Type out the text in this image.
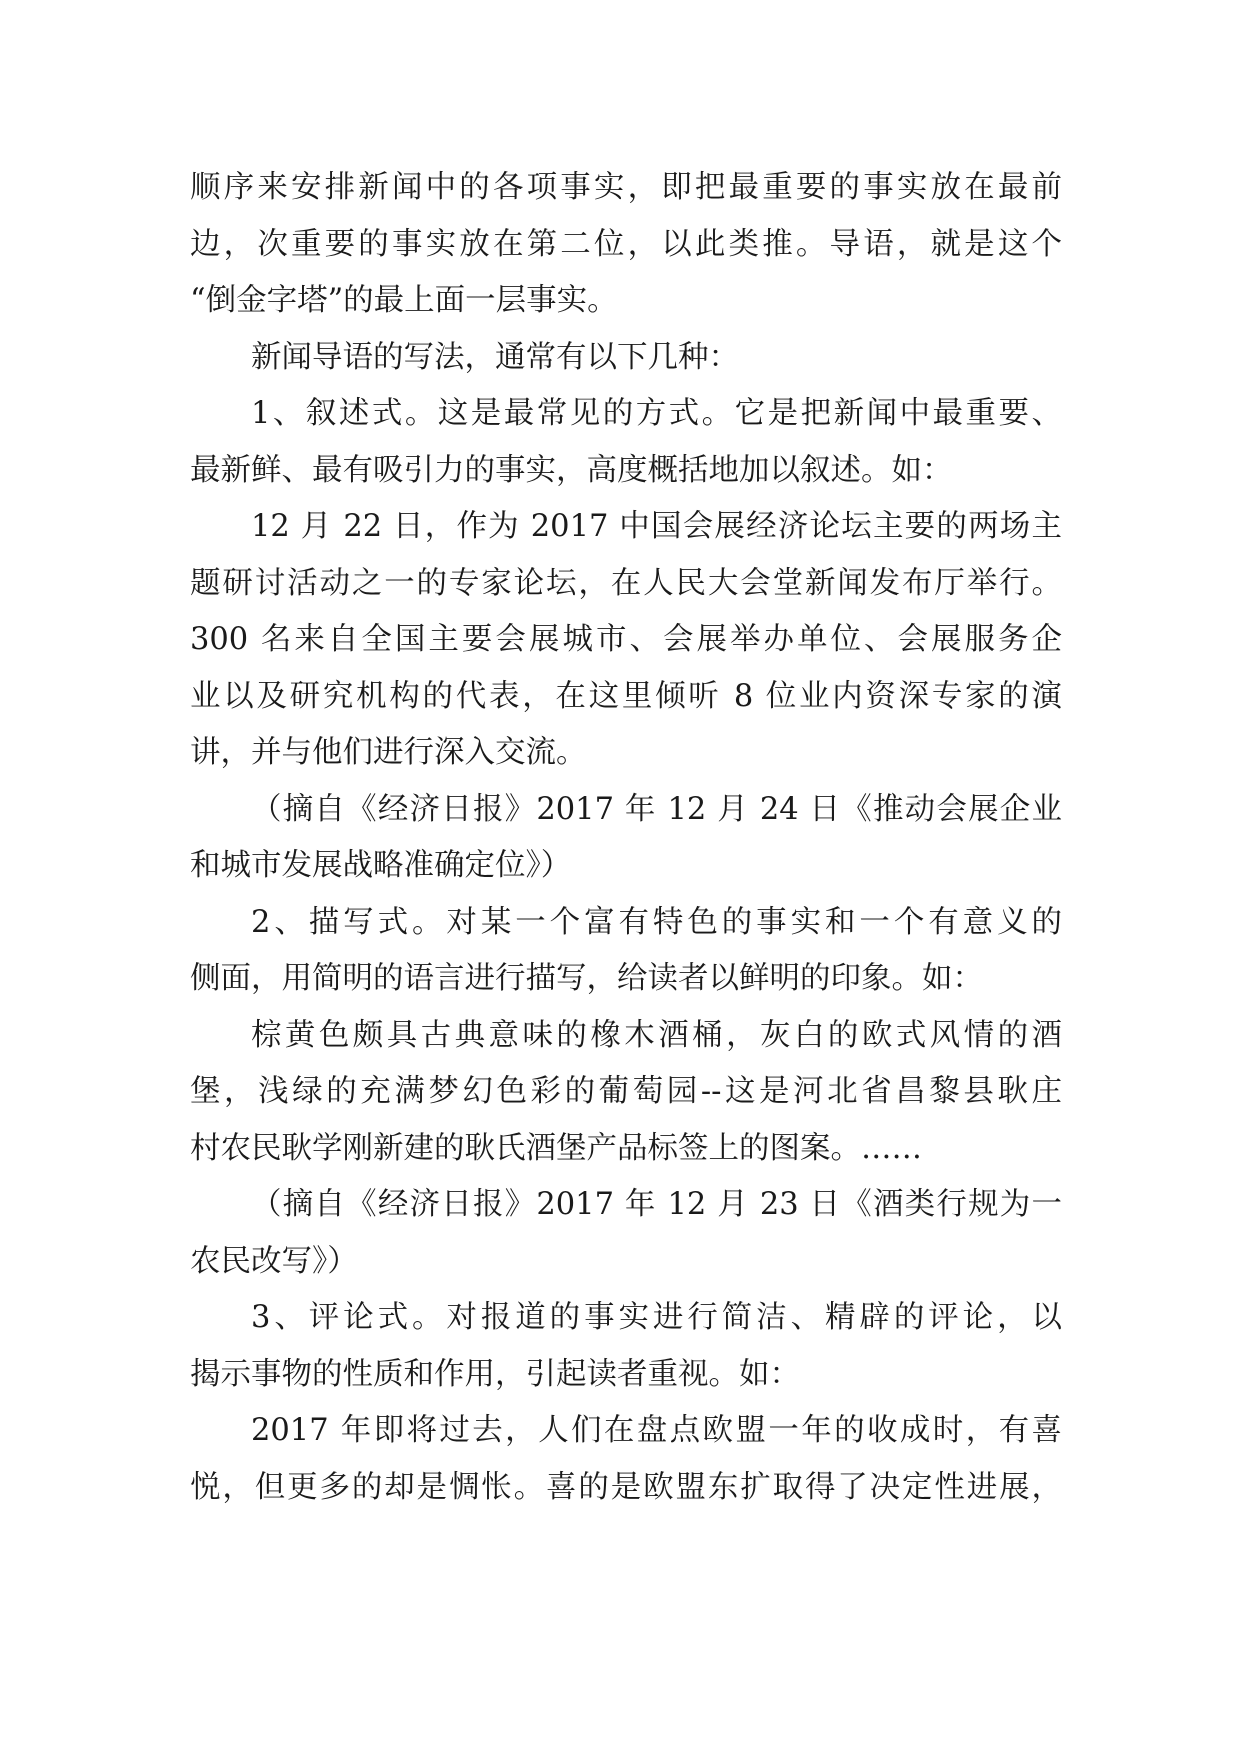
顺序来安排新闻中的各项事实，即把最重要的事实放在最前
边，次重要的事实放在第二位，以此类推。导语，就是这个
“倒金字塔”的最上面一层事实。
新闻导语的写法，通常有以下几种：
1、叙述式。这是最常见的方式。它是把新闻中最重要、
最新鲜、最有吸引力的事实，高度概括地加以叙述。如：
12 月 22 日，作为 2017 中国会展经济论坛主要的两场主
题研讨活动之一的专家论坛，在人民大会堂新闻发布厅举行。
300 名来自全国主要会展城市、会展举办单位、会展服务企
业以及研究机构的代表，在这里倾听 8 位业内资深专家的演
讲，并与他们进行深入交流。
（摘自《经济日报》2017 年 12 月 24 日《推动会展企业
和城市发展战略准确定位》）
2、描写式。对某一个富有特色的事实和一个有意义的
侧面，用简明的语言进行描写，给读者以鲜明的印象。如：
棕黄色颇具古典意味的橡木酒桶，灰白的欧式风情的酒
堡，浅绿的充满梦幻色彩的葡萄园--这是河北省昌黎县耿庄
村农民耿学刚新建的耿氏酒堡产品标签上的图案。……
（摘自《经济日报》2017 年 12 月 23 日《酒类行规为一
农民改写》）
3、评论式。对报道的事实进行简洁、精辟的评论，以
揭示事物的性质和作用，引起读者重视。如：
2017 年即将过去，人们在盘点欧盟一年的收成时，有喜
悦，但更多的却是惆怅。喜的是欧盟东扩取得了决定性进展，
